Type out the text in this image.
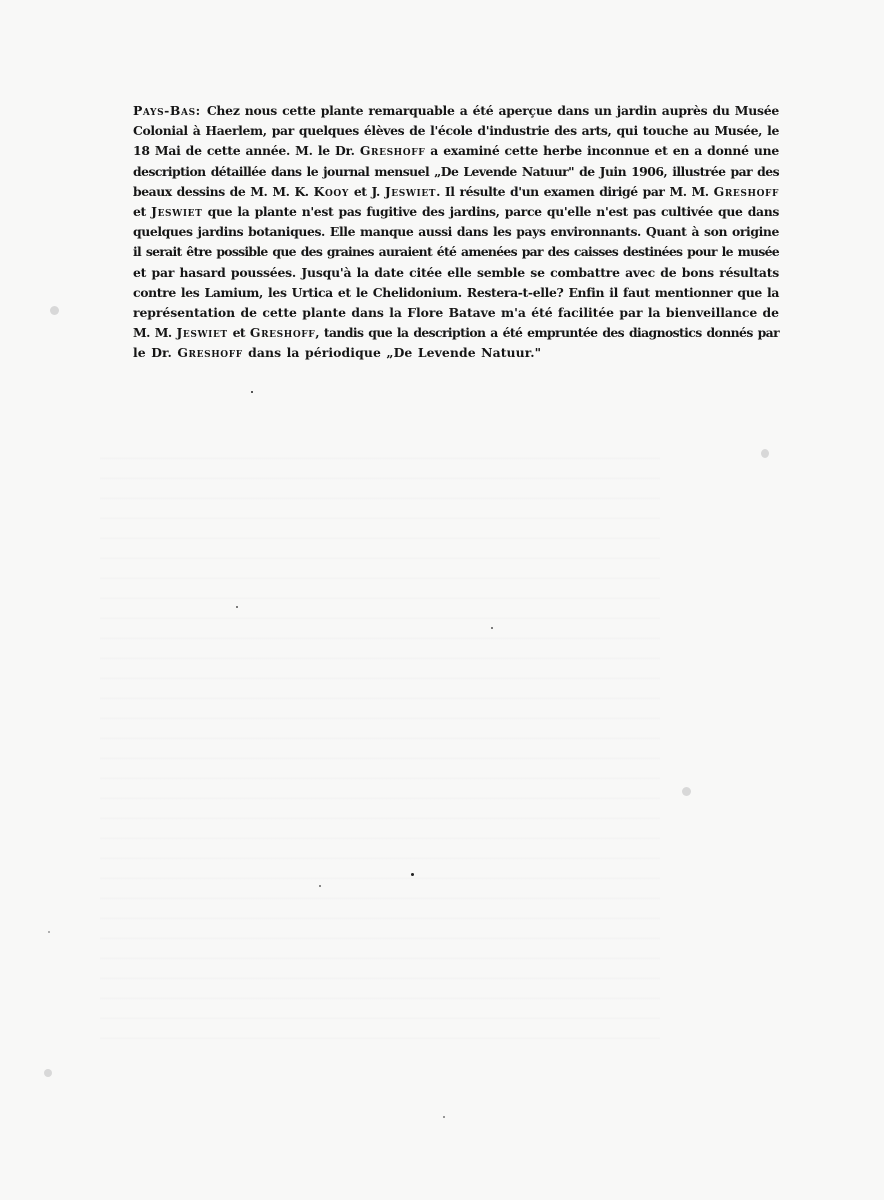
Pays-Bas: Chez nous cette plante remarquable a été aperçue dans un jardin auprès du Musée
Colonial à Haerlem, par quelques élèves de l'école d'industrie des arts, qui touche au Musée, le
18 Mai de cette année. M. le Dr. Greshoff a examiné cette herbe inconnue et en a donné une
description détaillée dans le journal mensuel „De Levende Natuur" de Juin 1906, illustrée par des
beaux dessins de M. M. K. Kooy et J. Jeswiet. Il résulte d'un examen dirigé par M. M. Greshoff
et Jeswiet que la plante n'est pas fugitive des jardins, parce qu'elle n'est pas cultivée que dans
quelques jardins botaniques. Elle manque aussi dans les pays environnants. Quant à son origine
il serait être possible que des graines auraient été amenées par des caisses destinées pour le musée
et par hasard poussées. Jusqu'à la date citée elle semble se combattre avec de bons résultats
contre les Lamium, les Urtica et le Chelidonium. Restera-t-elle? Enfin il faut mentionner que la
représentation de cette plante dans la Flore Batave m'a été facilitée par la bienveillance de
M. M. Jeswiet et Greshoff, tandis que la description a été empruntée des diagnostics donnés par
le Dr. Greshoff dans la périodique „De Levende Natuur."
